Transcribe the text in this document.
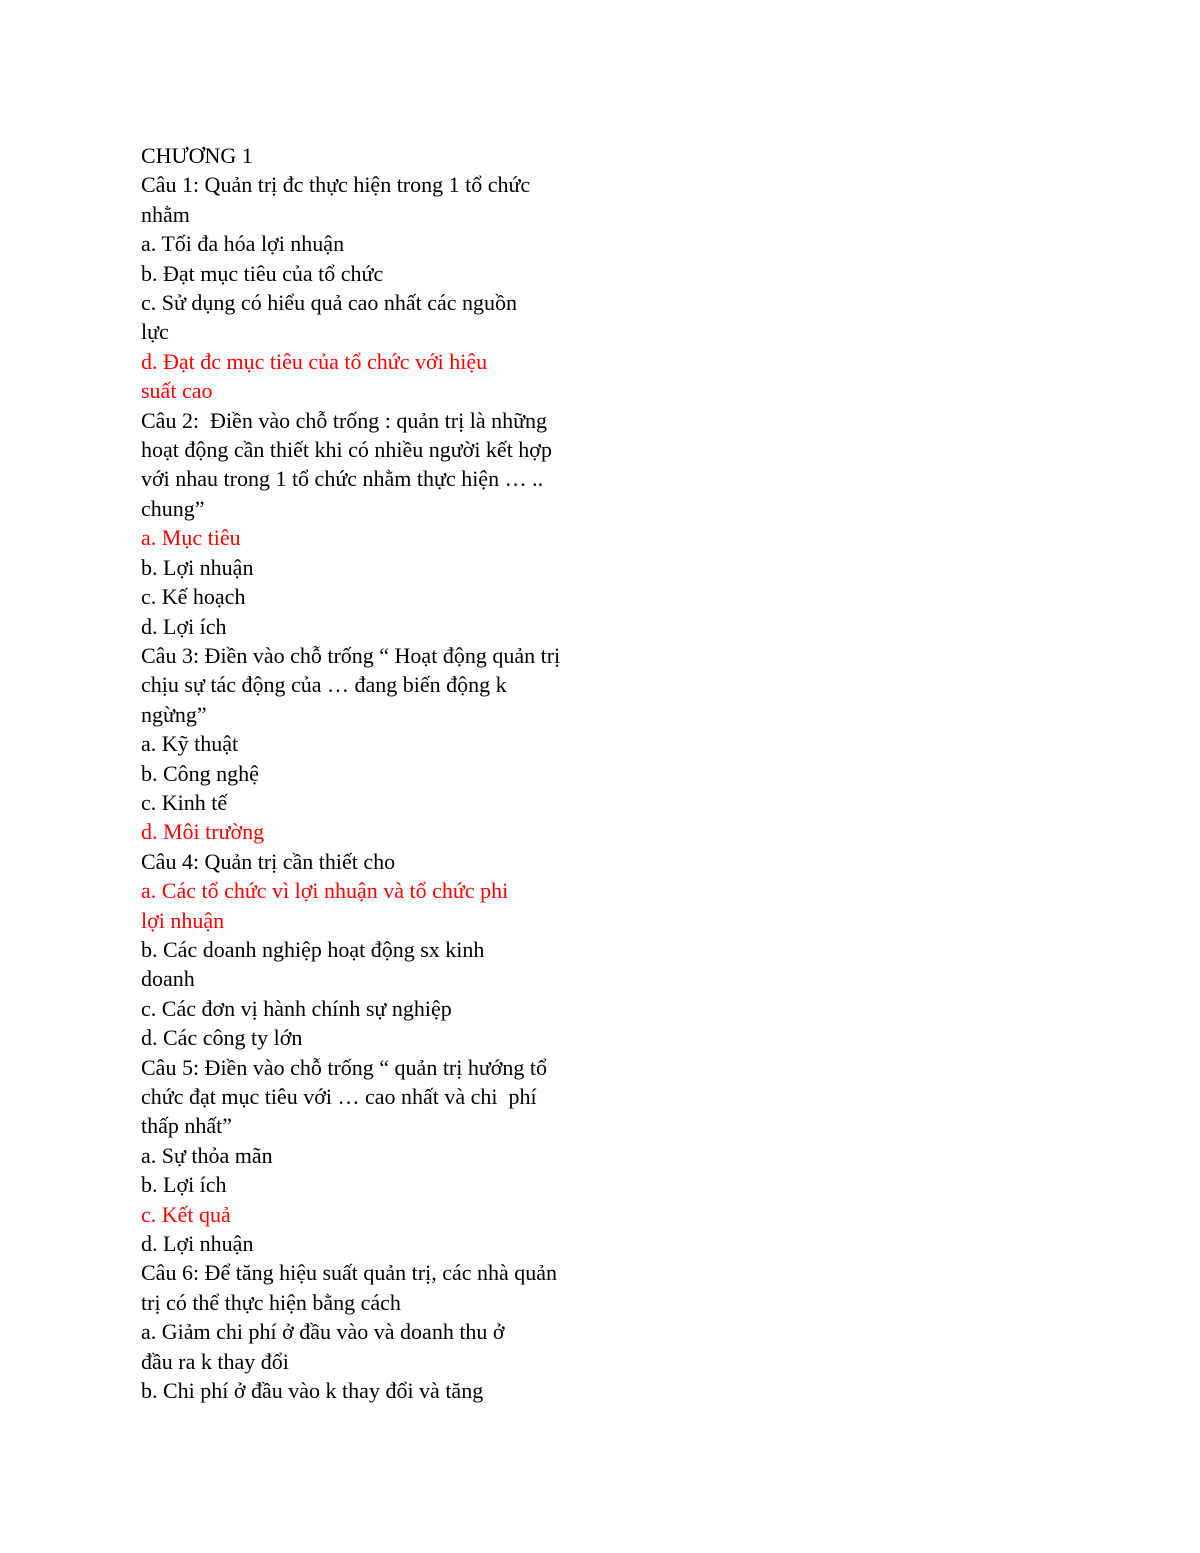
CHƯƠNG 1
Câu 1: Quản trị đc thực hiện trong 1 tổ chức
nhằm
a. Tối đa hóa lợi nhuận
b. Đạt mục tiêu của tổ chức
c. Sử dụng có hiểu quả cao nhất các nguồn
lực
d. Đạt đc mục tiêu của tổ chức với hiệu
suất cao
Câu 2:  Điền vào chỗ trống : quản trị là những
hoạt động cần thiết khi có nhiều người kết hợp
với nhau trong 1 tổ chức nhằm thực hiện … ..
chung”
a. Mục tiêu
b. Lợi nhuận
c. Kế hoạch
d. Lợi ích
Câu 3: Điền vào chỗ trống “ Hoạt động quản trị
chịu sự tác động của … đang biến động k
ngừng”
a. Kỹ thuật
b. Công nghệ
c. Kinh tế
d. Môi trường
Câu 4: Quản trị cần thiết cho
a. Các tổ chức vì lợi nhuận và tổ chức phi
lợi nhuận
b. Các doanh nghiệp hoạt động sx kinh
doanh
c. Các đơn vị hành chính sự nghiệp
d. Các công ty lớn
Câu 5: Điền vào chỗ trống “ quản trị hướng tổ
chức đạt mục tiêu với … cao nhất và chi  phí
thấp nhất”
a. Sự thỏa mãn
b. Lợi ích
c. Kết quả
d. Lợi nhuận
Câu 6: Để tăng hiệu suất quản trị, các nhà quản
trị có thể thực hiện bằng cách
a. Giảm chi phí ở đầu vào và doanh thu ở
đầu ra k thay đổi
b. Chi phí ở đầu vào k thay đổi và tăng
